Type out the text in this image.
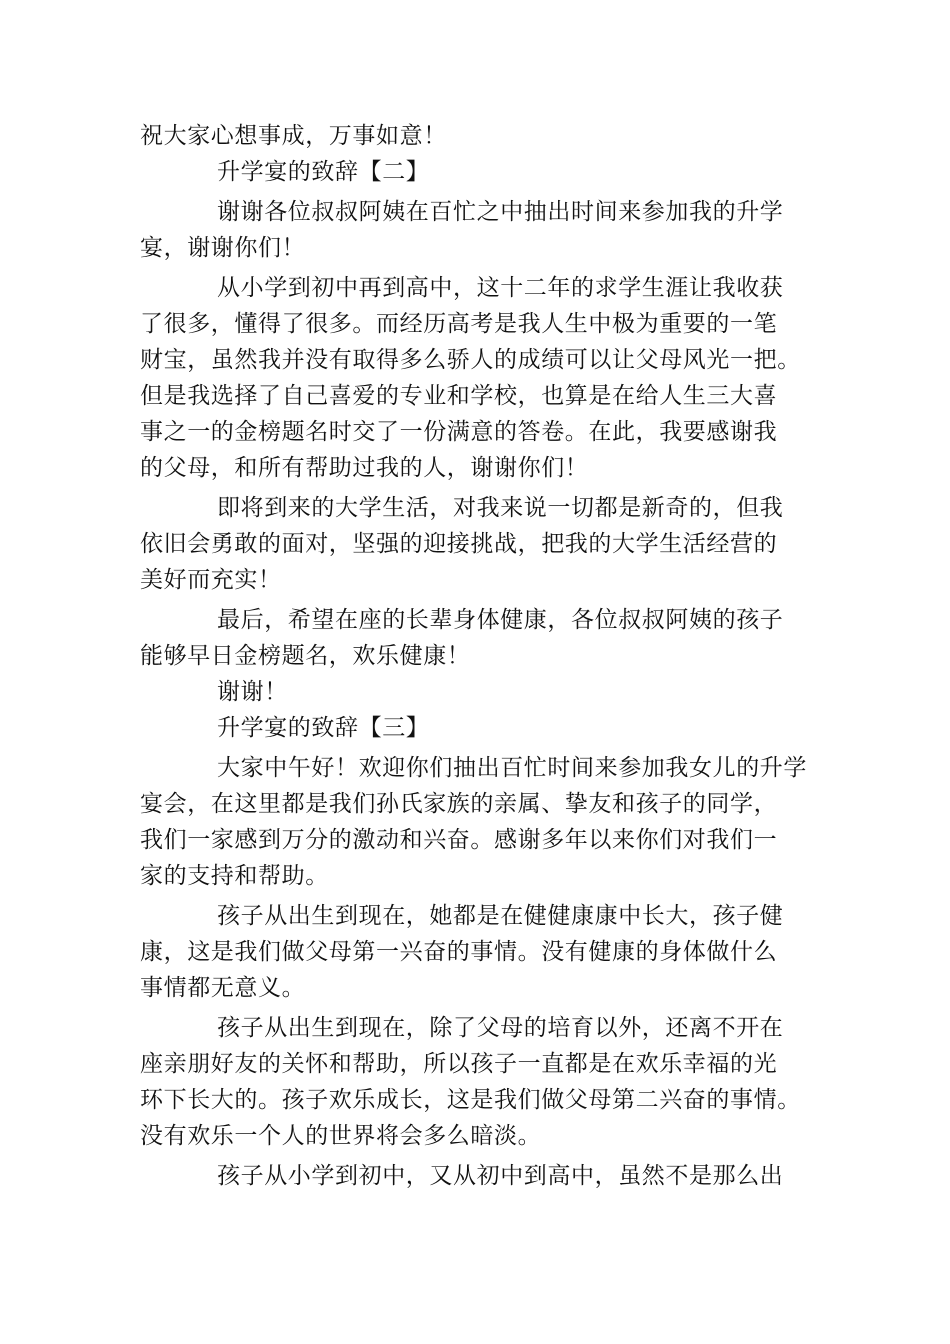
祝大家心想事成，万事如意！
升学宴的致辞【二】
谢谢各位叔叔阿姨在百忙之中抽出时间来参加我的升学
宴，谢谢你们！
从小学到初中再到高中，这十二年的求学生涯让我收获
了很多，懂得了很多。而经历高考是我人生中极为重要的一笔
财宝，虽然我并没有取得多么骄人的成绩可以让父母风光一把。
但是我选择了自己喜爱的专业和学校，也算是在给人生三大喜
事之一的金榜题名时交了一份满意的答卷。在此，我要感谢我
的父母，和所有帮助过我的人，谢谢你们！
即将到来的大学生活，对我来说一切都是新奇的，但我
依旧会勇敢的面对，坚强的迎接挑战，把我的大学生活经营的
美好而充实！
最后，希望在座的长辈身体健康，各位叔叔阿姨的孩子
能够早日金榜题名，欢乐健康！
谢谢！
升学宴的致辞【三】
大家中午好！欢迎你们抽出百忙时间来参加我女儿的升学
宴会，在这里都是我们孙氏家族的亲属、挚友和孩子的同学，
我们一家感到万分的激动和兴奋。感谢多年以来你们对我们一
家的支持和帮助。
孩子从出生到现在，她都是在健健康康中长大，孩子健
康，这是我们做父母第一兴奋的事情。没有健康的身体做什么
事情都无意义。
孩子从出生到现在，除了父母的培育以外，还离不开在
座亲朋好友的关怀和帮助，所以孩子一直都是在欢乐幸福的光
环下长大的。孩子欢乐成长，这是我们做父母第二兴奋的事情。
没有欢乐一个人的世界将会多么暗淡。
孩子从小学到初中，又从初中到高中，虽然不是那么出
